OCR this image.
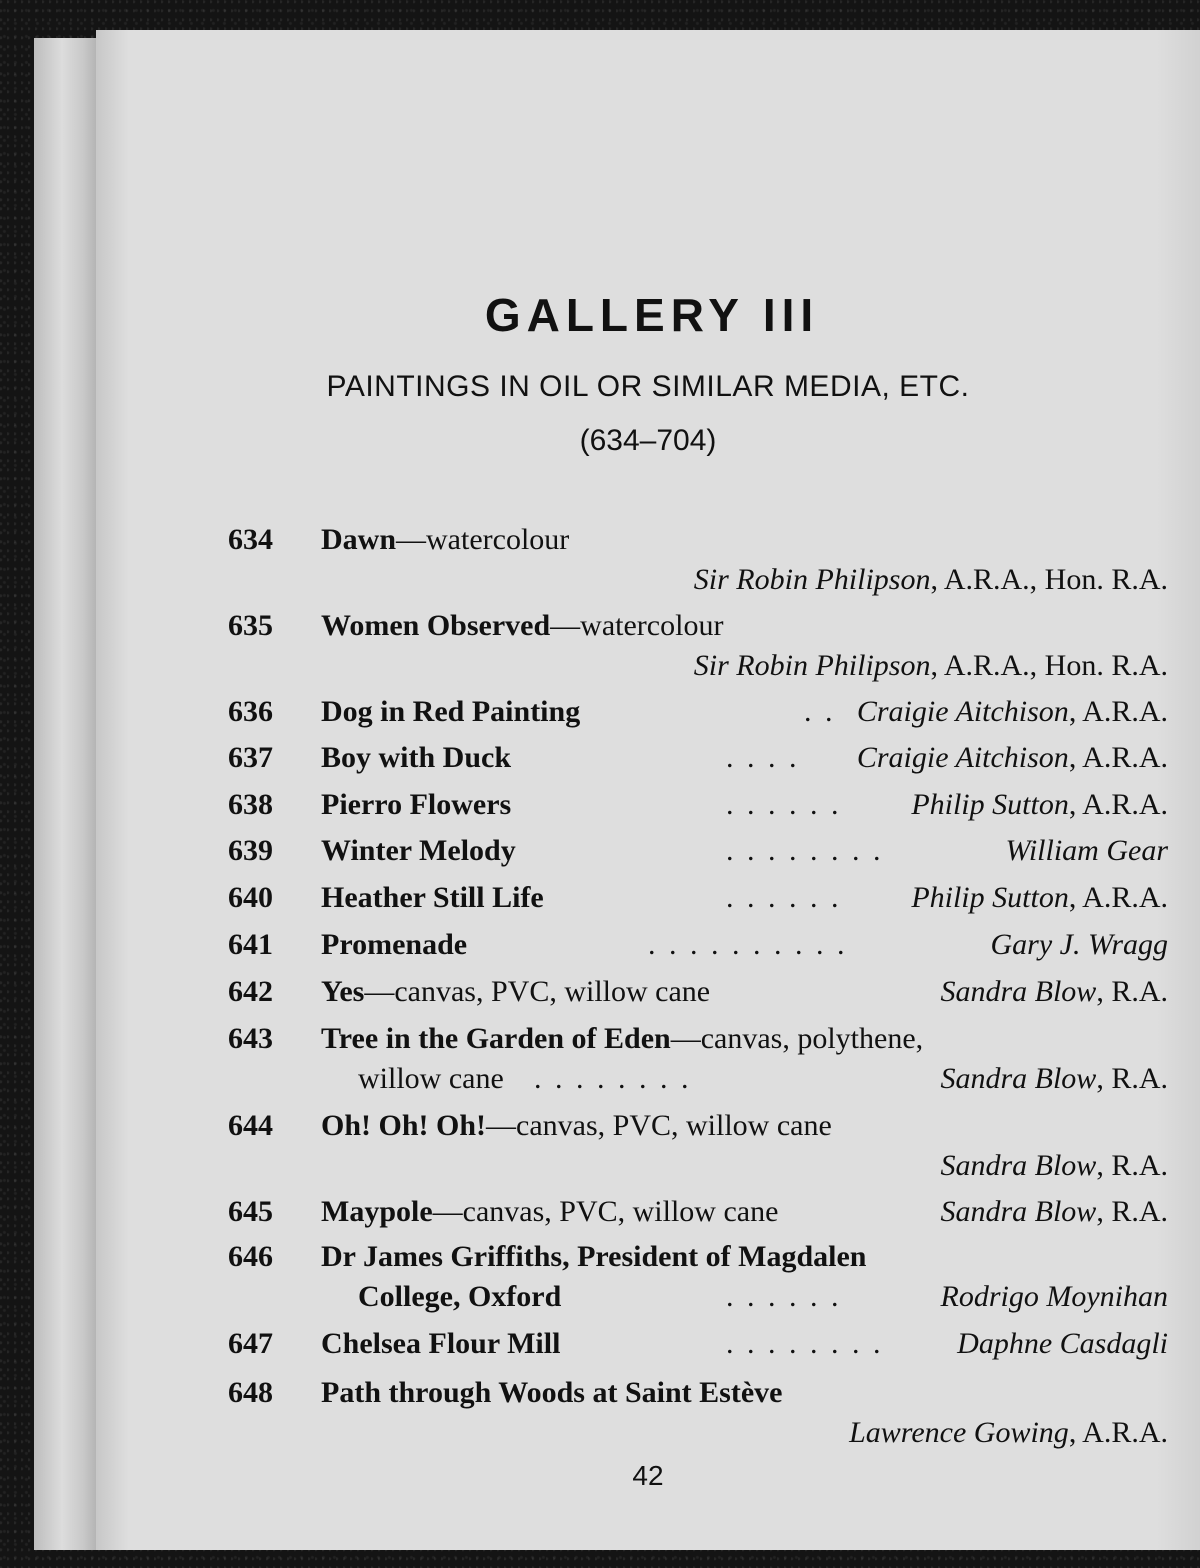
GALLERY III

PAINTINGS IN OIL OR SIMILAR MEDIA, ETC.

(634–704)

634 Dawn—watercolour
Sir Robin Philipson, A.R.A., Hon. R.A.
635 Women Observed—watercolour
Sir Robin Philipson, A.R.A., Hon. R.A.
636 Dog in Red Painting	. . Craigie Aitchison, A.R.A.
637 Boy with Duck	. . . . Craigie Aitchison, A.R.A.
638 Pierro Flowers	. . . . . . Philip Sutton, A.R.A.
639 Winter Melody	. . . . . . . .	William Gear
640 Heather Still Life	. . . . . . Philip Sutton, A.R.A.
641 Promenade	. . . . . . . . . .	Gary J. Wragg
642 Yes—canvas, PVC, willow cane	Sandra Blow, R.A.
643 Tree in the Garden of Eden—canvas, polythene,
willow cane . . . . . . . .	Sandra Blow, R.A.
644 Oh! Oh! Oh!—canvas, PVC, willow cane
Sandra Blow, R.A.
645 Maypole—canvas, PVC, willow cane	Sandra Blow, R.A.
646 Dr James Griffiths, President of Magdalen
College, Oxford	. . . . . .	Rodrigo Moynihan
647 Chelsea Flour Mill	. . . . . . . . Daphne Casdagli
648 Path through Woods at Saint Estève
Lawrence Gowing, A.R.A.
42
